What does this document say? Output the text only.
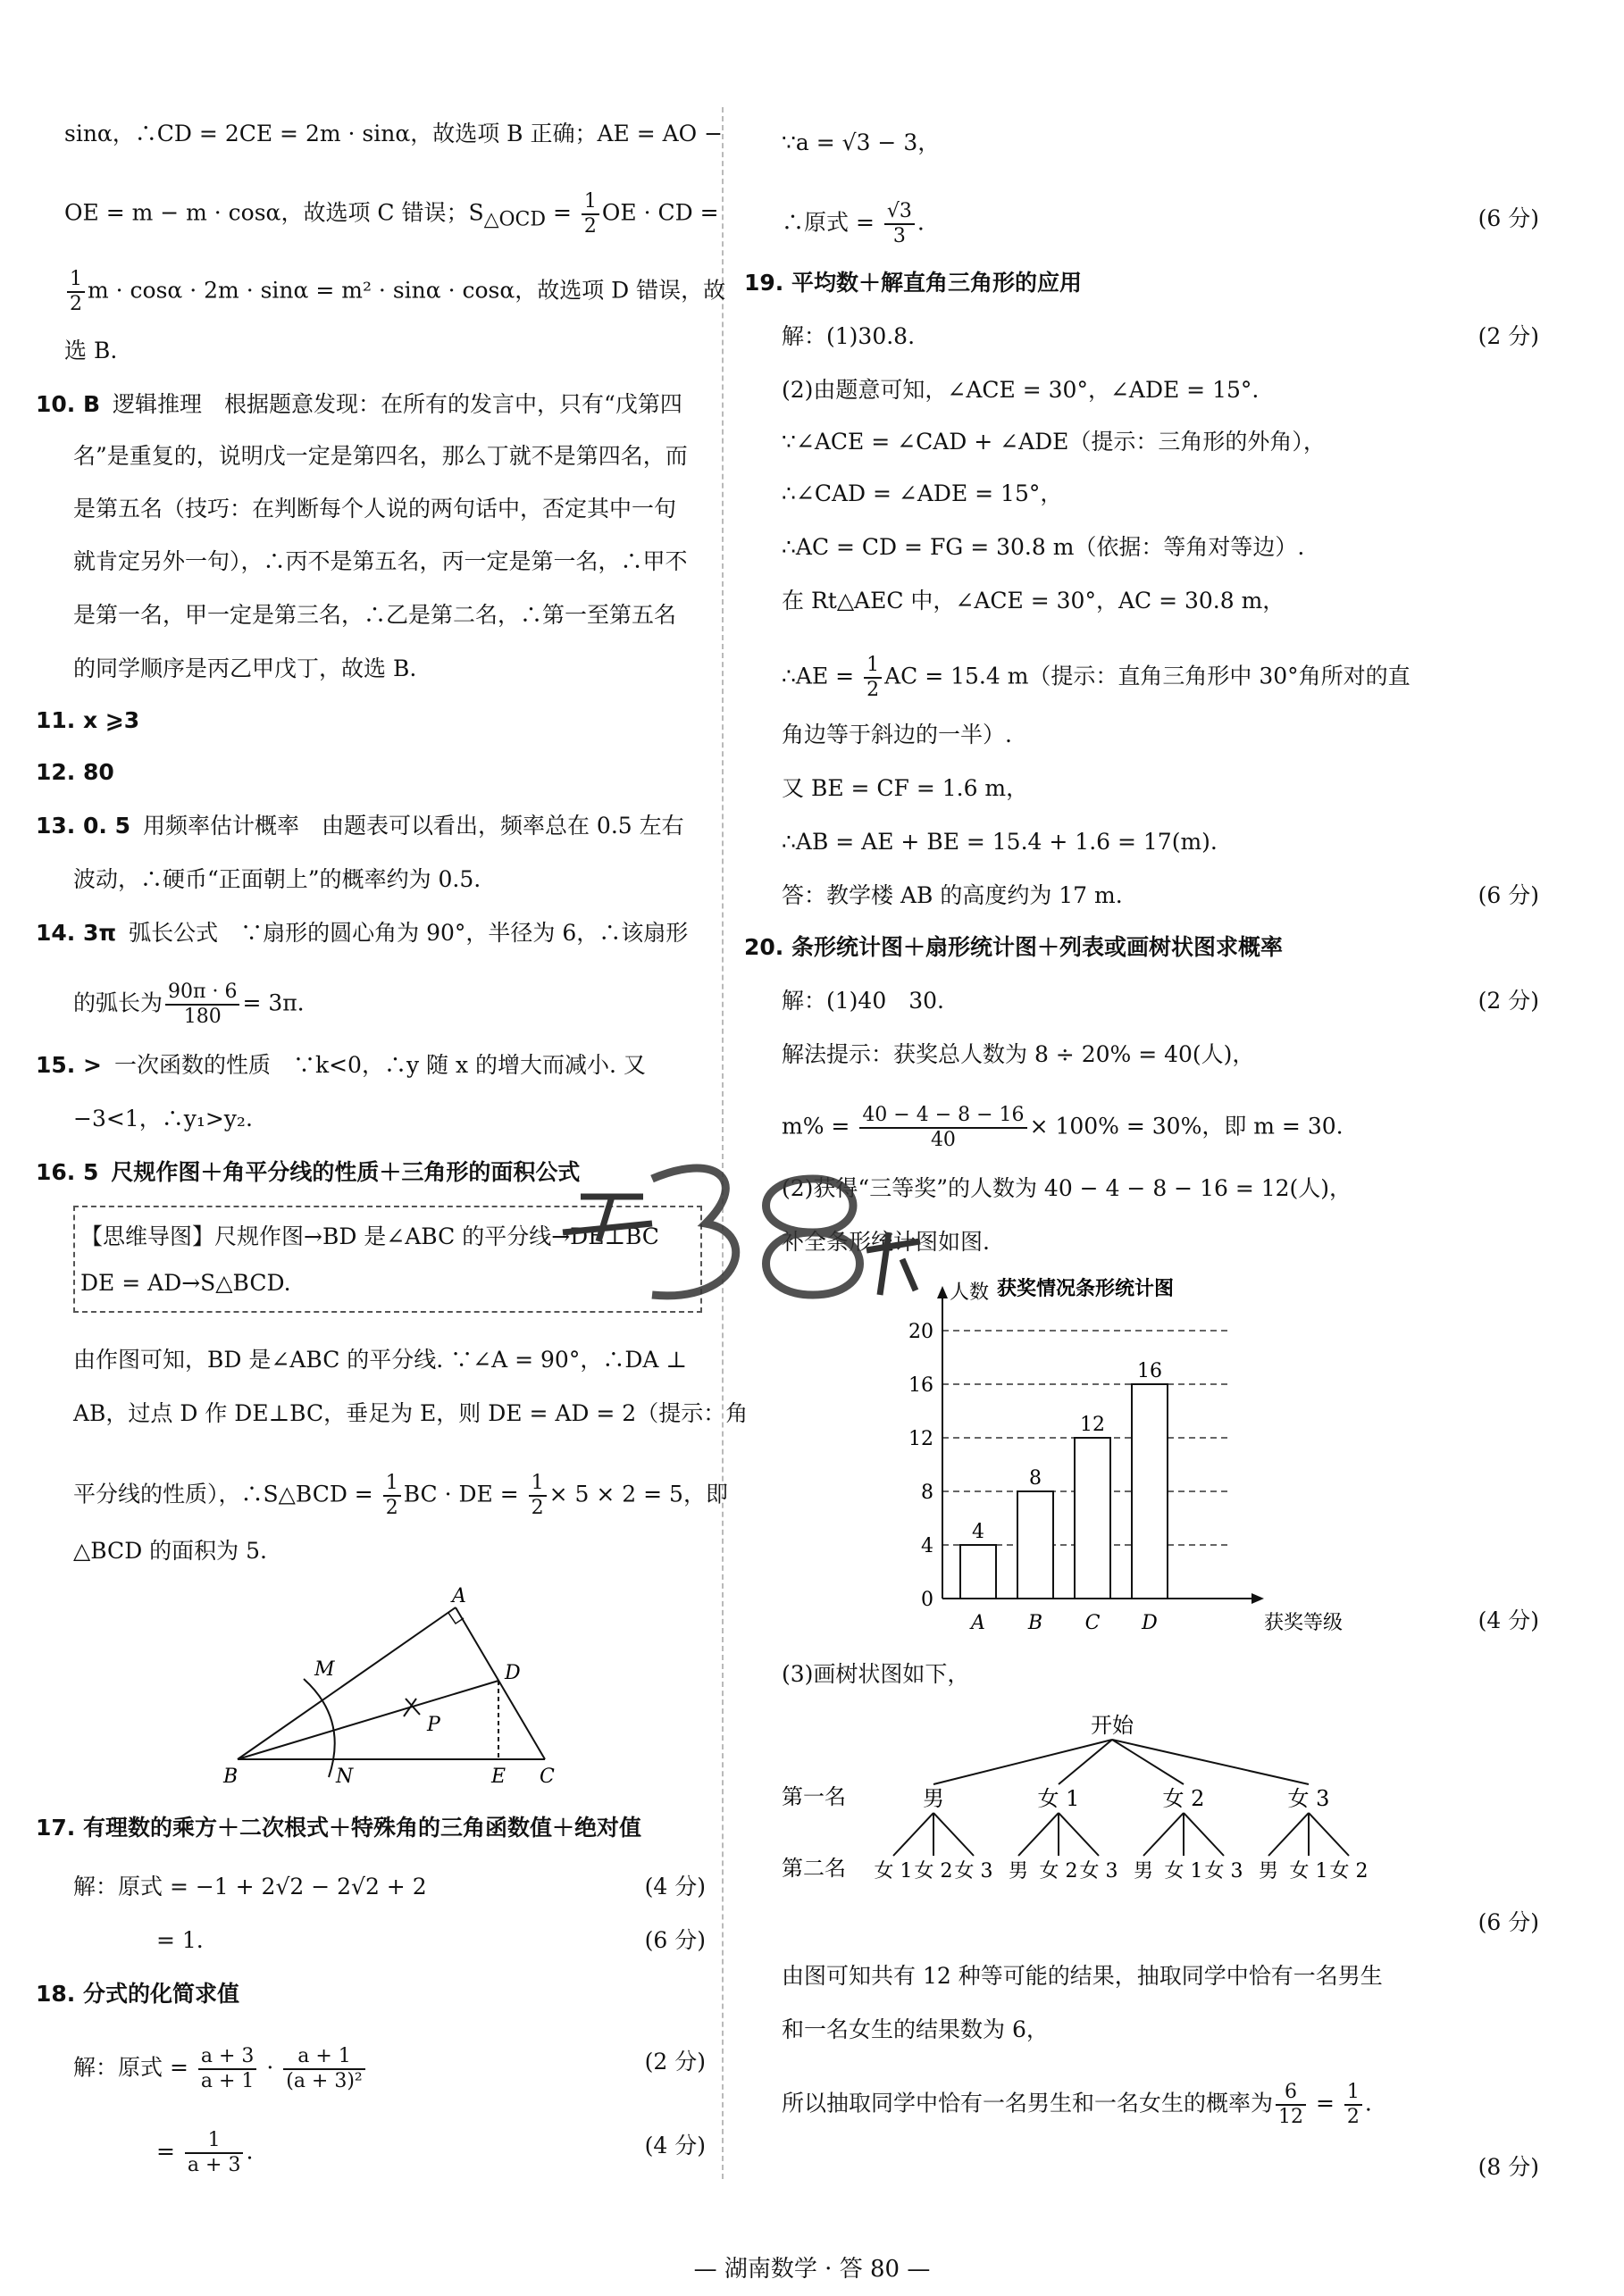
sinα，∴CD = 2CE = 2m · sinα，故选项 B 正确；AE = AO −
OE = m − m · cosα，故选项 C 错误；$S_{\triangle OCD} = \frac{1}{2}$ OE · CD =
$\frac{1}{2}$ m · cosα · 2m · sinα = m² · sinα · cosα，故选项 D 错误，故
选 B.
10. B 逻辑推理　根据题意发现：在所有的发言中，只有“戊第四
名”是重复的，说明戊一定是第四名，那么丁就不是第四名，而
是第五名（技巧：在判断每个人说的两句话中，否定其中一句
就肯定另外一句），∴丙不是第五名，丙一定是第一名，∴甲不
是第一名，甲一定是第三名，∴乙是第二名，∴第一至第五名
的同学顺序是丙乙甲戊丁，故选 B.
11. x ⩾3
12. 80
13. 0. 5 用频率估计概率　由题表可以看出，频率总在 0.5 左右
波动，∴硬币“正面朝上”的概率约为 0.5.
14. 3π 弧长公式　∵扇形的圆心角为 90°，半径为 6，∴该扇形
的弧长为 $\frac{90\pi \cdot 6}{180} = 3\pi$.
15. > 一次函数的性质　∵k<0，∴y 随 x 的增大而减小. 又
−3<1，∴y₁>y₂.
16. 5 尺规作图＋角平分线的性质＋三角形的面积公式
【思维导图】尺规作图→BD 是∠ABC 的平分线→DE⊥BC
DE = AD→S△BCD.
由作图可知，BD 是∠ABC 的平分线. ∵∠A = 90°，∴DA ⊥
AB，过点 D 作 DE⊥BC，垂足为 E，则 DE = AD = 2（提示：角
平分线的性质），∴S△BCD = $\frac{1}{2}$ BC · DE = $\frac{1}{2} \times 5 \times 2 = 5$，即
△BCD 的面积为 5.
A
D
M
P
B	N	E C
17. 有理数的乘方＋二次根式＋特殊角的三角函数值＋绝对值
解：原式 = −1 + 2√2 − 2√2 + 2	(4 分)
= 1.	(6 分)
18. 分式的化简求值
解：原式 = $\frac{a + 3}{a + 1} \cdot \frac{a + 1}{\text{(a + 3)²}}$	(2 分)
= $\frac{1}{a + 3}$ .	(4 分)
∵a = √3 − 3，
∴原式 = $\frac{√3}{3}$ .	(6 分)
19. 平均数＋解直角三角形的应用
解：(1)30.8.	(2 分)
(2)由题意可知，∠ACE = 30°，∠ADE = 15°.
∵∠ACE = ∠CAD + ∠ADE（提示：三角形的外角），
∴∠CAD = ∠ADE = 15°，
∴AC = CD = FG = 30.8 m（依据：等角对等边）.
在 Rt△AEC 中，∠ACE = 30°，AC = 30.8 m，
∴AE = $\frac{1}{2}$ AC = 15.4 m（提示：直角三角形中 30°角所对的直
角边等于斜边的一半）.
又 BE = CF = 1.6 m，
∴AB = AE + BE = 15.4 + 1.6 = 17(m).
答：教学楼 AB 的高度约为 17 m.	(6 分)
20. 条形统计图＋扇形统计图＋列表或画树状图求概率
解：(1)40　30.	(2 分)
解法提示：获奖总人数为 8 ÷ 20% = 40(人)，
$m\% = \frac{40 - 4 - 8 - 16}{40} \times 100\% = 30\%$，即 m = 30.
(2)获得“三等奖”的人数为 40 − 4 − 8 − 16 = 12(人)，
补全条形统计图如图.
获奖情况条形统计图
0
4
8
12
16
20
人数
获奖等级
4
A
8
B
12
C
16
D	(4 分)
(3)画树状图如下，
开始
第一名
第二名
男
女 1 女 2 女 3
女 1
男 女 2 女 3
女 2
男 女 1 女 3
女 3
男 女 1 女 2
(6 分)
由图可知共有 12 种等可能的结果，抽取同学中恰有一名男生
和一名女生的结果数为 6，
所以抽取同学中恰有一名男生和一名女生的概率为 $\frac{6}{12} = \frac{1}{2}$ .
(8 分)
— 湖南数学 · 答 80 —
